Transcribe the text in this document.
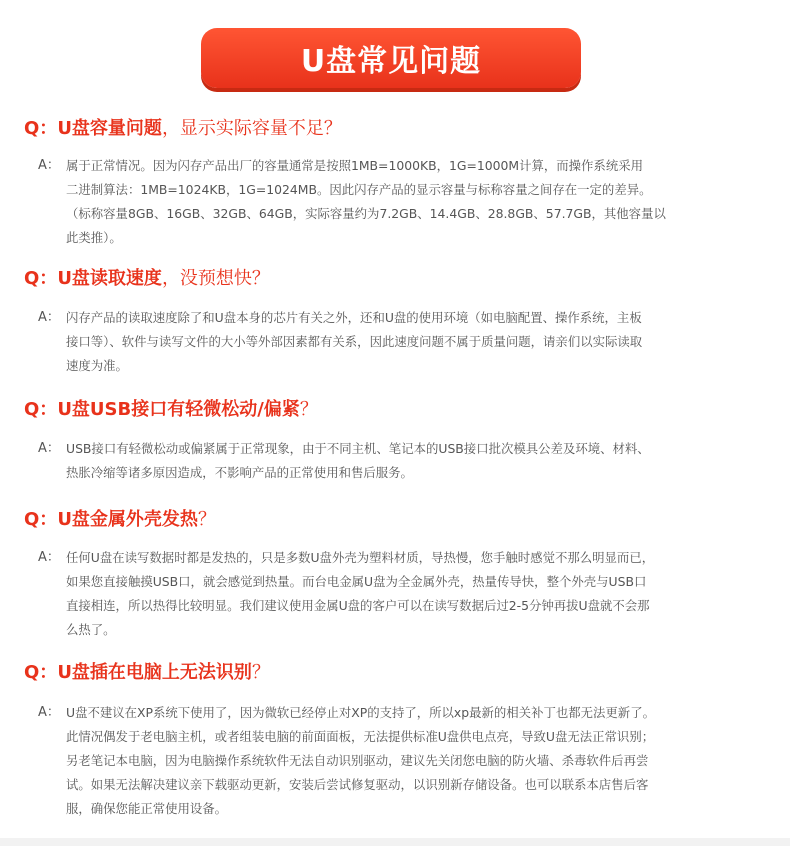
U盘常见问题
Q：U盘容量问题，显示实际容量不足？
A： 属于正常情况。因为闪存产品出厂的容量通常是按照1MB=1000KB，1G=1000M计算，而操作系统采用
二进制算法：1MB=1024KB，1G=1024MB。因此闪存产品的显示容量与标称容量之间存在一定的差异。
（标称容量8GB、16GB、32GB、64GB，实际容量约为7.2GB、14.4GB、28.8GB、57.7GB，其他容量以
此类推）。
Q：U盘读取速度，没预想快？
A： 闪存产品的读取速度除了和U盘本身的芯片有关之外，还和U盘的使用环境（如电脑配置、操作系统，主板
接口等）、软件与读写文件的大小等外部因素都有关系，因此速度问题不属于质量问题，请亲们以实际读取
速度为准。
Q：U盘USB接口有轻微松动/偏紧？
A： USB接口有轻微松动或偏紧属于正常现象，由于不同主机、笔记本的USB接口批次模具公差及环境、材料、
热胀冷缩等诸多原因造成，不影响产品的正常使用和售后服务。
Q：U盘金属外壳发热？
A： 任何U盘在读写数据时都是发热的，只是多数U盘外壳为塑料材质，导热慢，您手触时感觉不那么明显而已，
如果您直接触摸USB口，就会感觉到热量。而台电金属U盘为全金属外壳，热量传导快，整个外壳与USB口
直接相连，所以热得比较明显。我们建议使用金属U盘的客户可以在读写数据后过2-5分钟再拔U盘就不会那
么热了。
Q：U盘插在电脑上无法识别？
A： U盘不建议在XP系统下使用了，因为微软已经停止对XP的支持了，所以xp最新的相关补丁也都无法更新了。
此情况偶发于老电脑主机，或者组装电脑的前面面板，无法提供标准U盘供电点亮，导致U盘无法正常识别；
另老笔记本电脑，因为电脑操作系统软件无法自动识别驱动，建议先关闭您电脑的防火墙、杀毒软件后再尝
试。如果无法解决建议亲下载驱动更新，安装后尝试修复驱动，以识别新存储设备。也可以联系本店售后客
服，确保您能正常使用设备。
